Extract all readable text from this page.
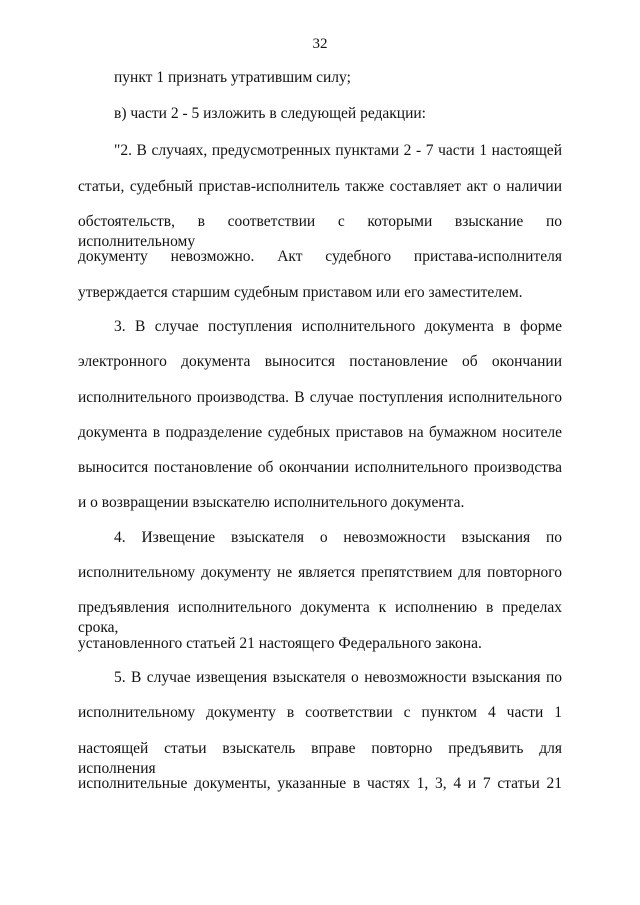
32
пункт 1 признать утратившим силу;
в) части 2 - 5 изложить в следующей редакции:
"2. В случаях, предусмотренных пунктами 2 - 7 части 1 настоящей
статьи, судебный пристав-исполнитель также составляет акт о наличии
обстоятельств, в соответствии с которыми взыскание по исполнительному
документу невозможно. Акт судебного пристава-исполнителя
утверждается старшим судебным приставом или его заместителем.
3. В случае поступления исполнительного документа в форме
электронного документа выносится постановление об окончании
исполнительного производства. В случае поступления исполнительного
документа в подразделение судебных приставов на бумажном носителе
выносится постановление об окончании исполнительного производства
и о возвращении взыскателю исполнительного документа.
4. Извещение взыскателя о невозможности взыскания по
исполнительному документу не является препятствием для повторного
предъявления исполнительного документа к исполнению в пределах срока,
установленного статьей 21 настоящего Федерального закона.
5. В случае извещения взыскателя о невозможности взыскания по
исполнительному документу в соответствии с пунктом 4 части 1
настоящей статьи взыскатель вправе повторно предъявить для исполнения
исполнительные документы, указанные в частях 1, 3, 4 и 7 статьи 21
